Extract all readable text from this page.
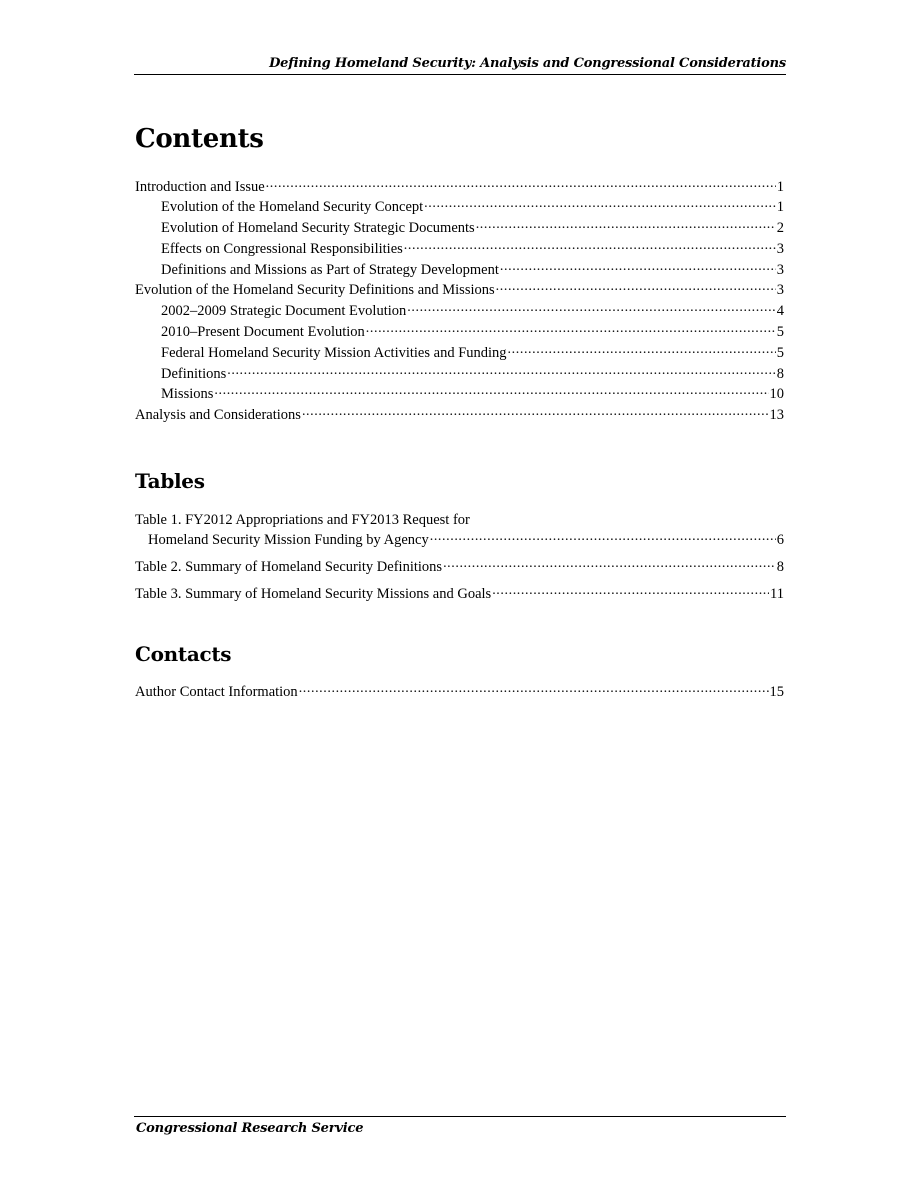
Defining Homeland Security: Analysis and Congressional Considerations
Contents
Introduction and Issue .....	1
Evolution of the Homeland Security Concept .....	1
Evolution of Homeland Security Strategic Documents .....	2
Effects on Congressional Responsibilities .....	3
Definitions and Missions as Part of Strategy Development .....	3
Evolution of the Homeland Security Definitions and Missions .....	3
2002–2009 Strategic Document Evolution .....	4
2010–Present Document Evolution .....	5
Federal Homeland Security Mission Activities and Funding .....	5
Definitions .....	8
Missions .....	10
Analysis and Considerations .....	13
Tables
Table 1. FY2012 Appropriations and FY2013 Request for
Homeland Security Mission Funding by Agency .....	6
Table 2. Summary of Homeland Security Definitions .....	8
Table 3. Summary of Homeland Security Missions and Goals .....	11
Contacts
Author Contact Information .....	15
Congressional Research Service
